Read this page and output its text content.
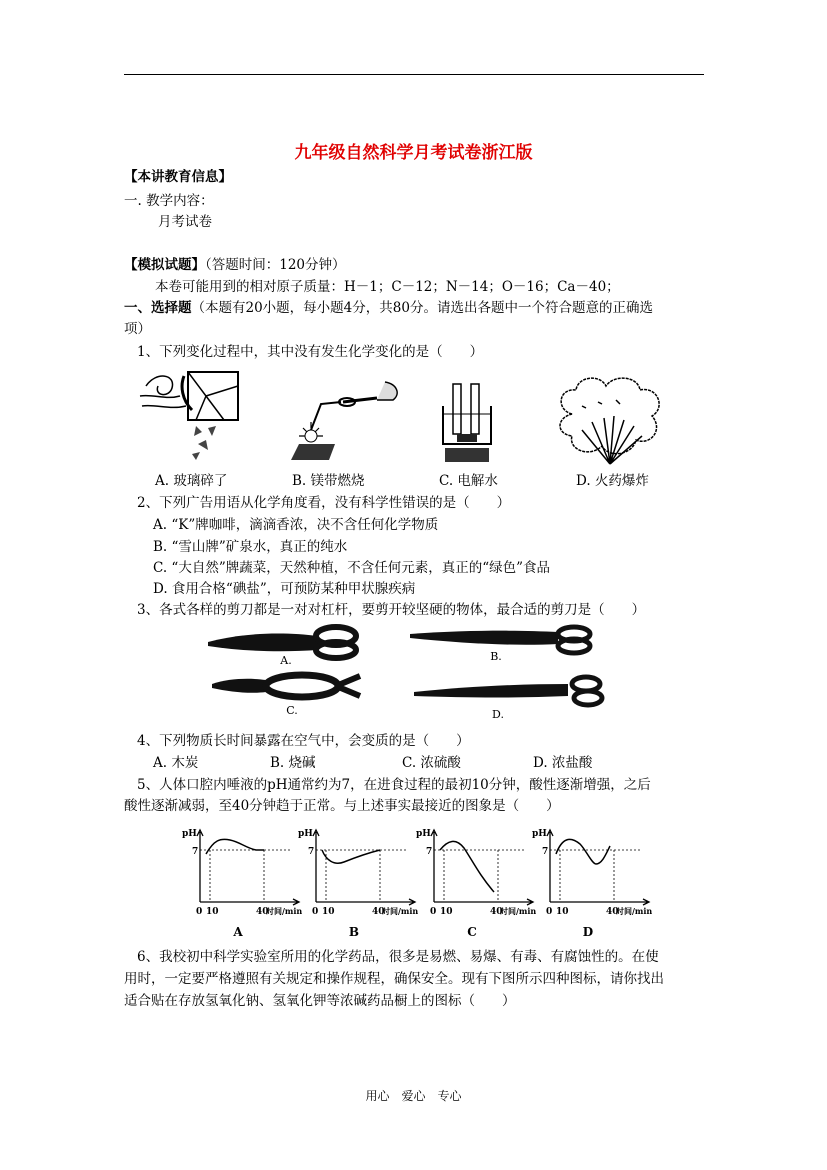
九年级自然科学月考试卷浙江版
【本讲教育信息】
一. 教学内容：
月考试卷
【模拟试题】（答题时间：120分钟）
本卷可能用到的相对原子质量：H－1；C－12；N－14；O－16；Ca－40；
一、选择题（本题有20小题，每小题4分，共80分。请选出各题中一个符合题意的正确选
项）
1、下列变化过程中，其中没有发生化学变化的是（　　）
A. 玻璃碎了	B. 镁带燃烧	C. 电解水	D. 火药爆炸
2、下列广告用语从化学角度看，没有科学性错误的是（　　）
A. “K”牌咖啡，滴滴香浓，决不含任何化学物质
B. “雪山牌”矿泉水，真正的纯水
C. “大自然”牌蔬菜，天然种植，不含任何元素，真正的“绿色”食品
D. 食用合格“碘盐”，可预防某种甲状腺疾病
3、各式各样的剪刀都是一对对杠杆，要剪开较坚硬的物体，最合适的剪刀是（　　）
A.	B.
C.	D.
4、下列物质长时间暴露在空气中，会变质的是（　　）
A. 木炭	B. 烧碱	C. 浓硫酸	D. 浓盐酸
5、人体口腔内唾液的pH通常约为7，在进食过程的最初10分钟，酸性逐渐增强，之后
酸性逐渐减弱，至40分钟趋于正常。与上述事实最接近的图象是（　　）
pH
7
0 10	40
时间/min
A
pH
7
0 10	40
时间/min
B
pH
7
0 10	40
时间/min
C
pH
7
0 10	40
时间/min
D
6、我校初中科学实验室所用的化学药品，很多是易燃、易爆、有毒、有腐蚀性的。在使
用时，一定要严格遵照有关规定和操作规程，确保安全。现有下图所示四种图标，请你找出
适合贴在存放氢氧化钠、氢氧化钾等浓碱药品橱上的图标（　　）
用心　爱心　专心
